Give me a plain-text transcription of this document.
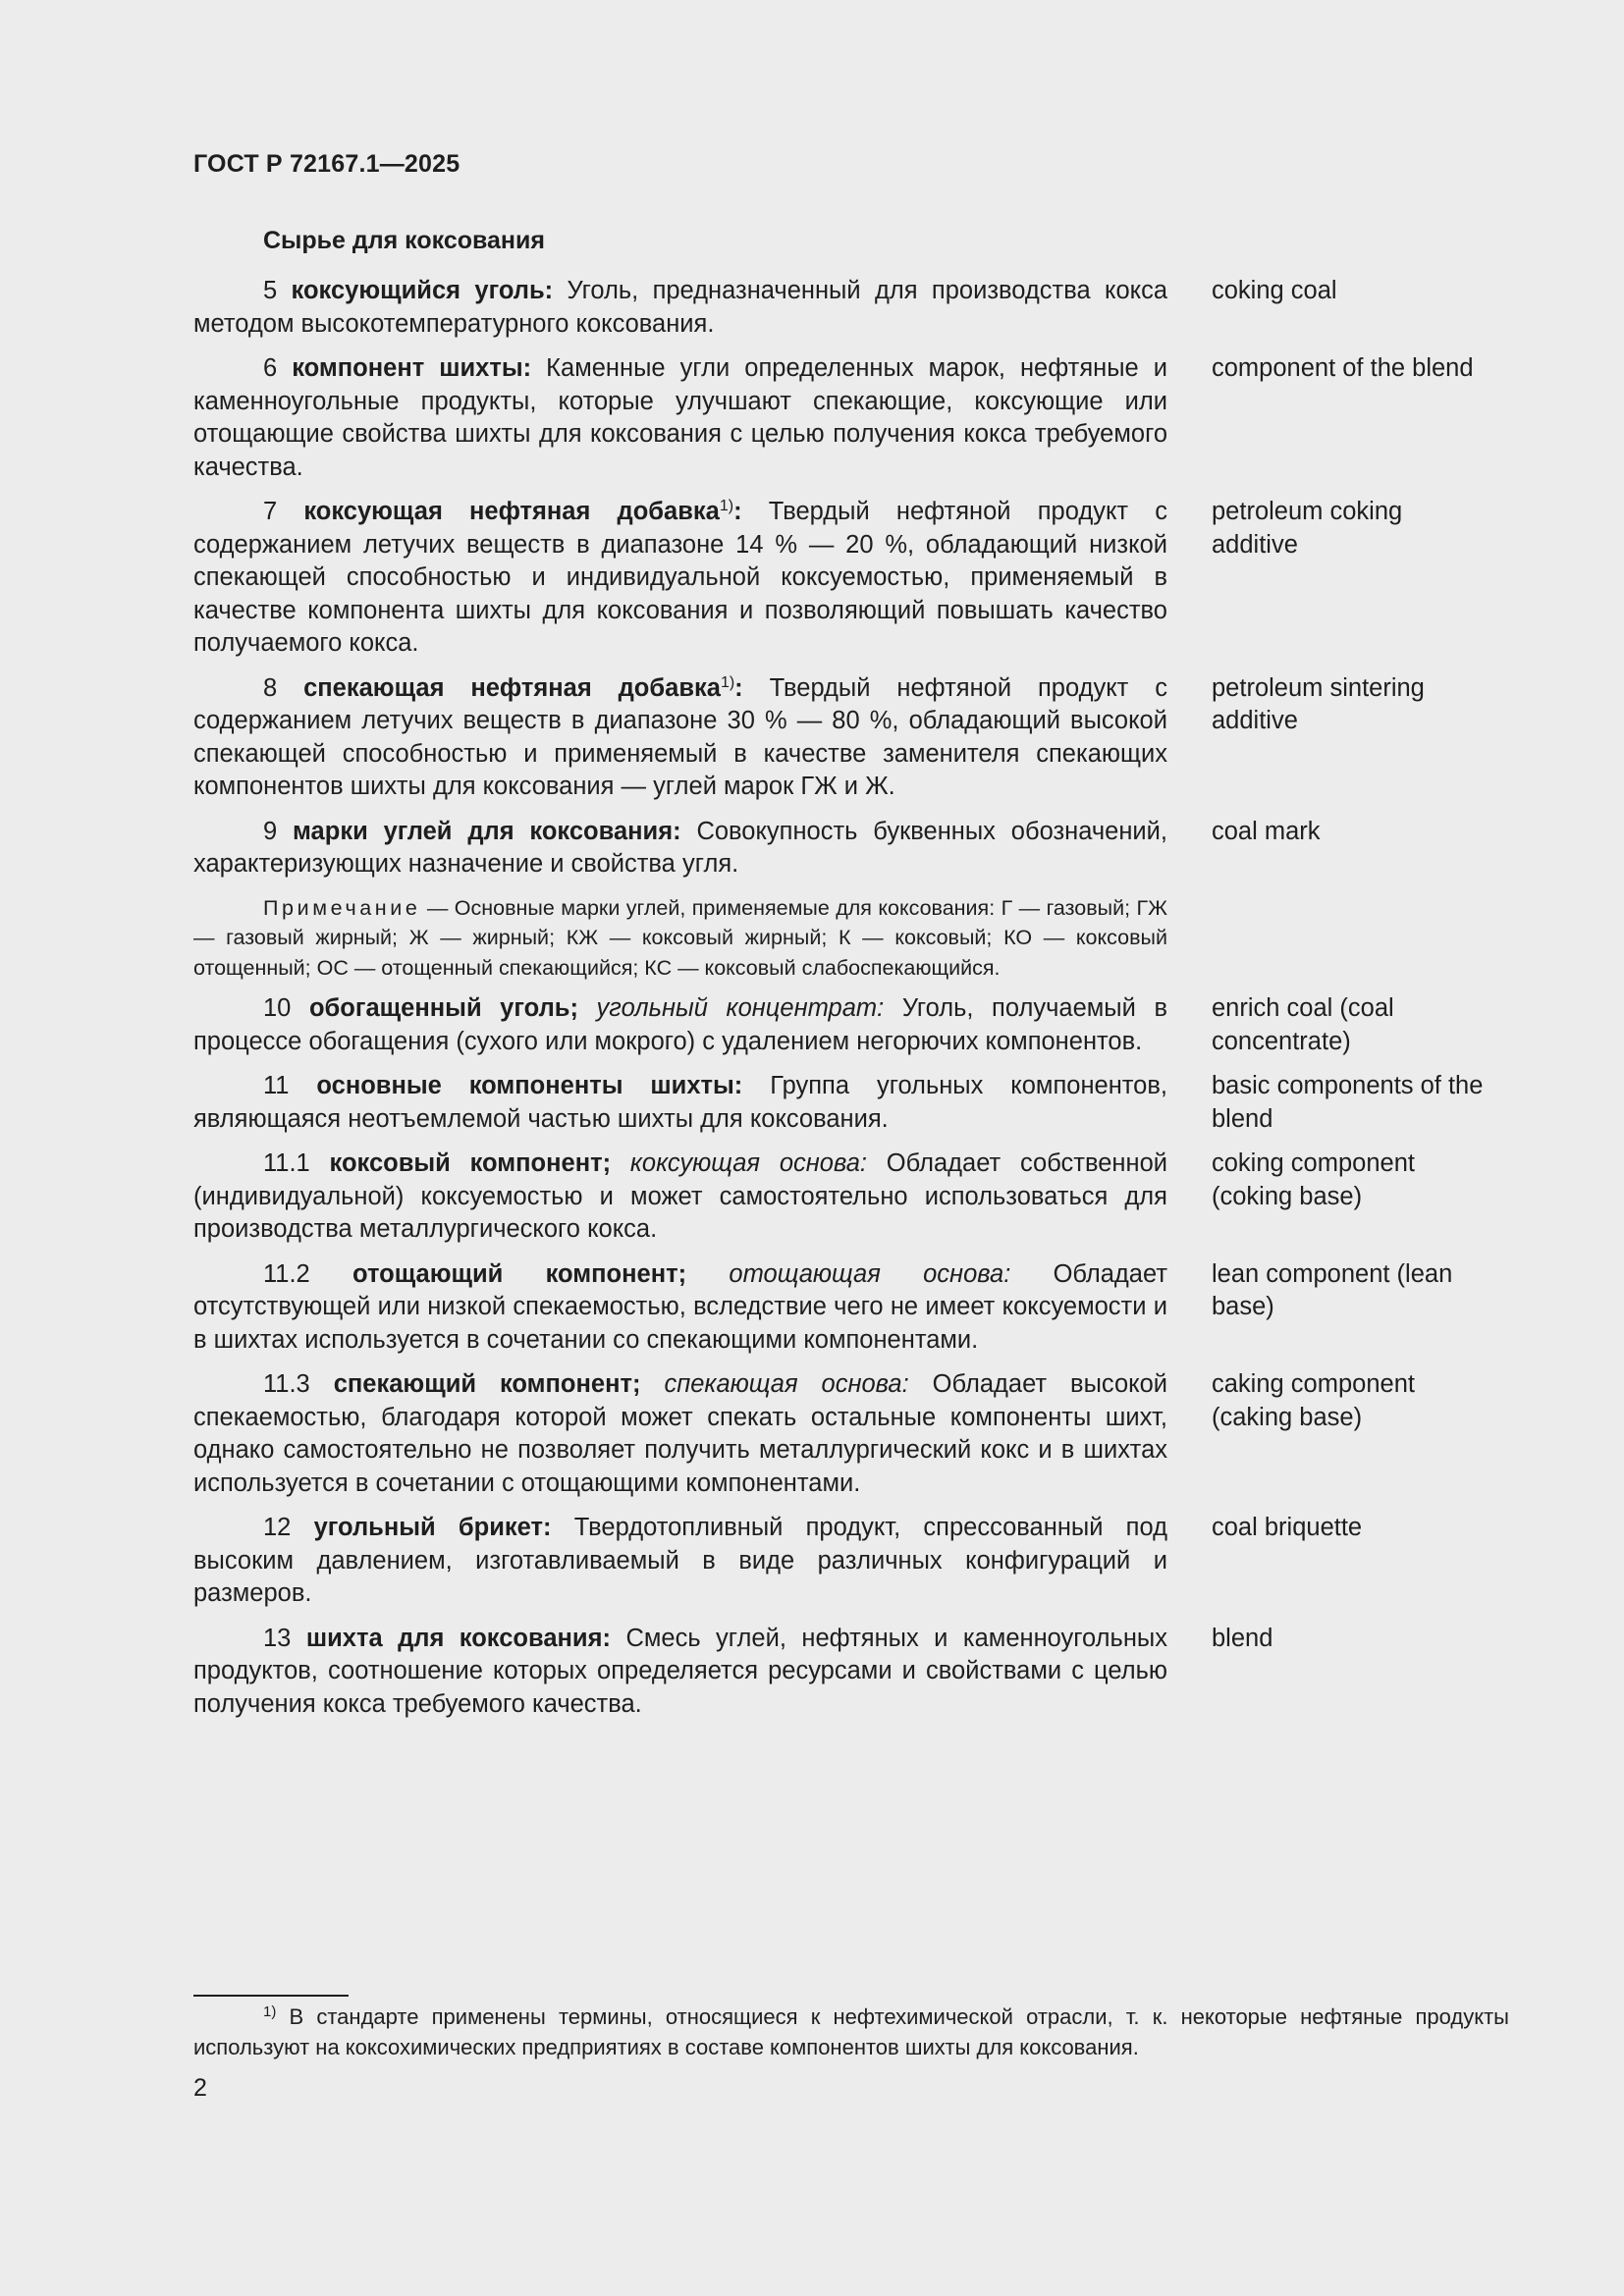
ГОСТ Р 72167.1—2025
Сырье для коксования
5 коксующийся уголь: Уголь, предназначенный для производства кокса методом высокотемпературного коксования.
coking coal
6 компонент шихты: Каменные угли определенных марок, нефтяные и каменноугольные продукты, которые улучшают спекающие, коксующие или отощающие свойства шихты для коксования с целью получения кокса требуемого качества.
component of the blend
7 коксующая нефтяная добавка$^{1)}$: Твердый нефтяной продукт с содержанием летучих веществ в диапазоне 14 % — 20 %, обладающий низкой спекающей способностью и индивидуальной коксуемостью, применяемый в качестве компонента шихты для коксования и позволяющий повышать качество получаемого кокса.
petroleum coking additive
8 спекающая нефтяная добавка$^{1)}$: Твердый нефтяной продукт с содержанием летучих веществ в диапазоне 30 % — 80 %, обладающий высокой спекающей способностью и применяемый в качестве заменителя спекающих компонентов шихты для коксования — углей марок ГЖ и Ж.
petroleum sintering additive
9 марки углей для коксования: Совокупность буквенных обозначений, характеризующих назначение и свойства угля.
coal mark
Примечание — Основные марки углей, применяемые для коксования: Г — газовый; ГЖ — газовый жирный; Ж — жирный; КЖ — коксовый жирный; К — коксовый; КО — коксовый отощенный; ОС — отощенный спекающийся; КС — коксовый слабоспекающийся.
10 обогащенный уголь; угольный концентрат: Уголь, получаемый в процессе обогащения (сухого или мокрого) с удалением негорючих компонентов.
enrich coal (coal concentrate)
11 основные компоненты шихты: Группа угольных компонентов, являющаяся неотъемлемой частью шихты для коксования.
basic components of the blend
11.1 коксовый компонент; коксующая основа: Обладает собственной (индивидуальной) коксуемостью и может самостоятельно использоваться для производства металлургического кокса.
coking component (coking base)
11.2 отощающий компонент; отощающая основа: Обладает отсутствующей или низкой спекаемостью, вследствие чего не имеет коксуемости и в шихтах используется в сочетании со спекающими компонентами.
lean component (lean base)
11.3 спекающий компонент; спекающая основа: Обладает высокой спекаемостью, благодаря которой может спекать остальные компоненты шихт, однако самостоятельно не позволяет получить металлургический кокс и в шихтах используется в сочетании с отощающими компонентами.
caking component (caking base)
12 угольный брикет: Твердотопливный продукт, спрессованный под высоким давлением, изготавливаемый в виде различных конфигураций и размеров.
coal briquette
13 шихта для коксования: Смесь углей, нефтяных и каменноугольных продуктов, соотношение которых определяется ресурсами и свойствами с целью получения кокса требуемого качества.
blend
$^{1)}$ В стандарте применены термины, относящиеся к нефтехимической отрасли, т. к. некоторые нефтяные продукты используют на коксохимических предприятиях в составе компонентов шихты для коксования.
2
